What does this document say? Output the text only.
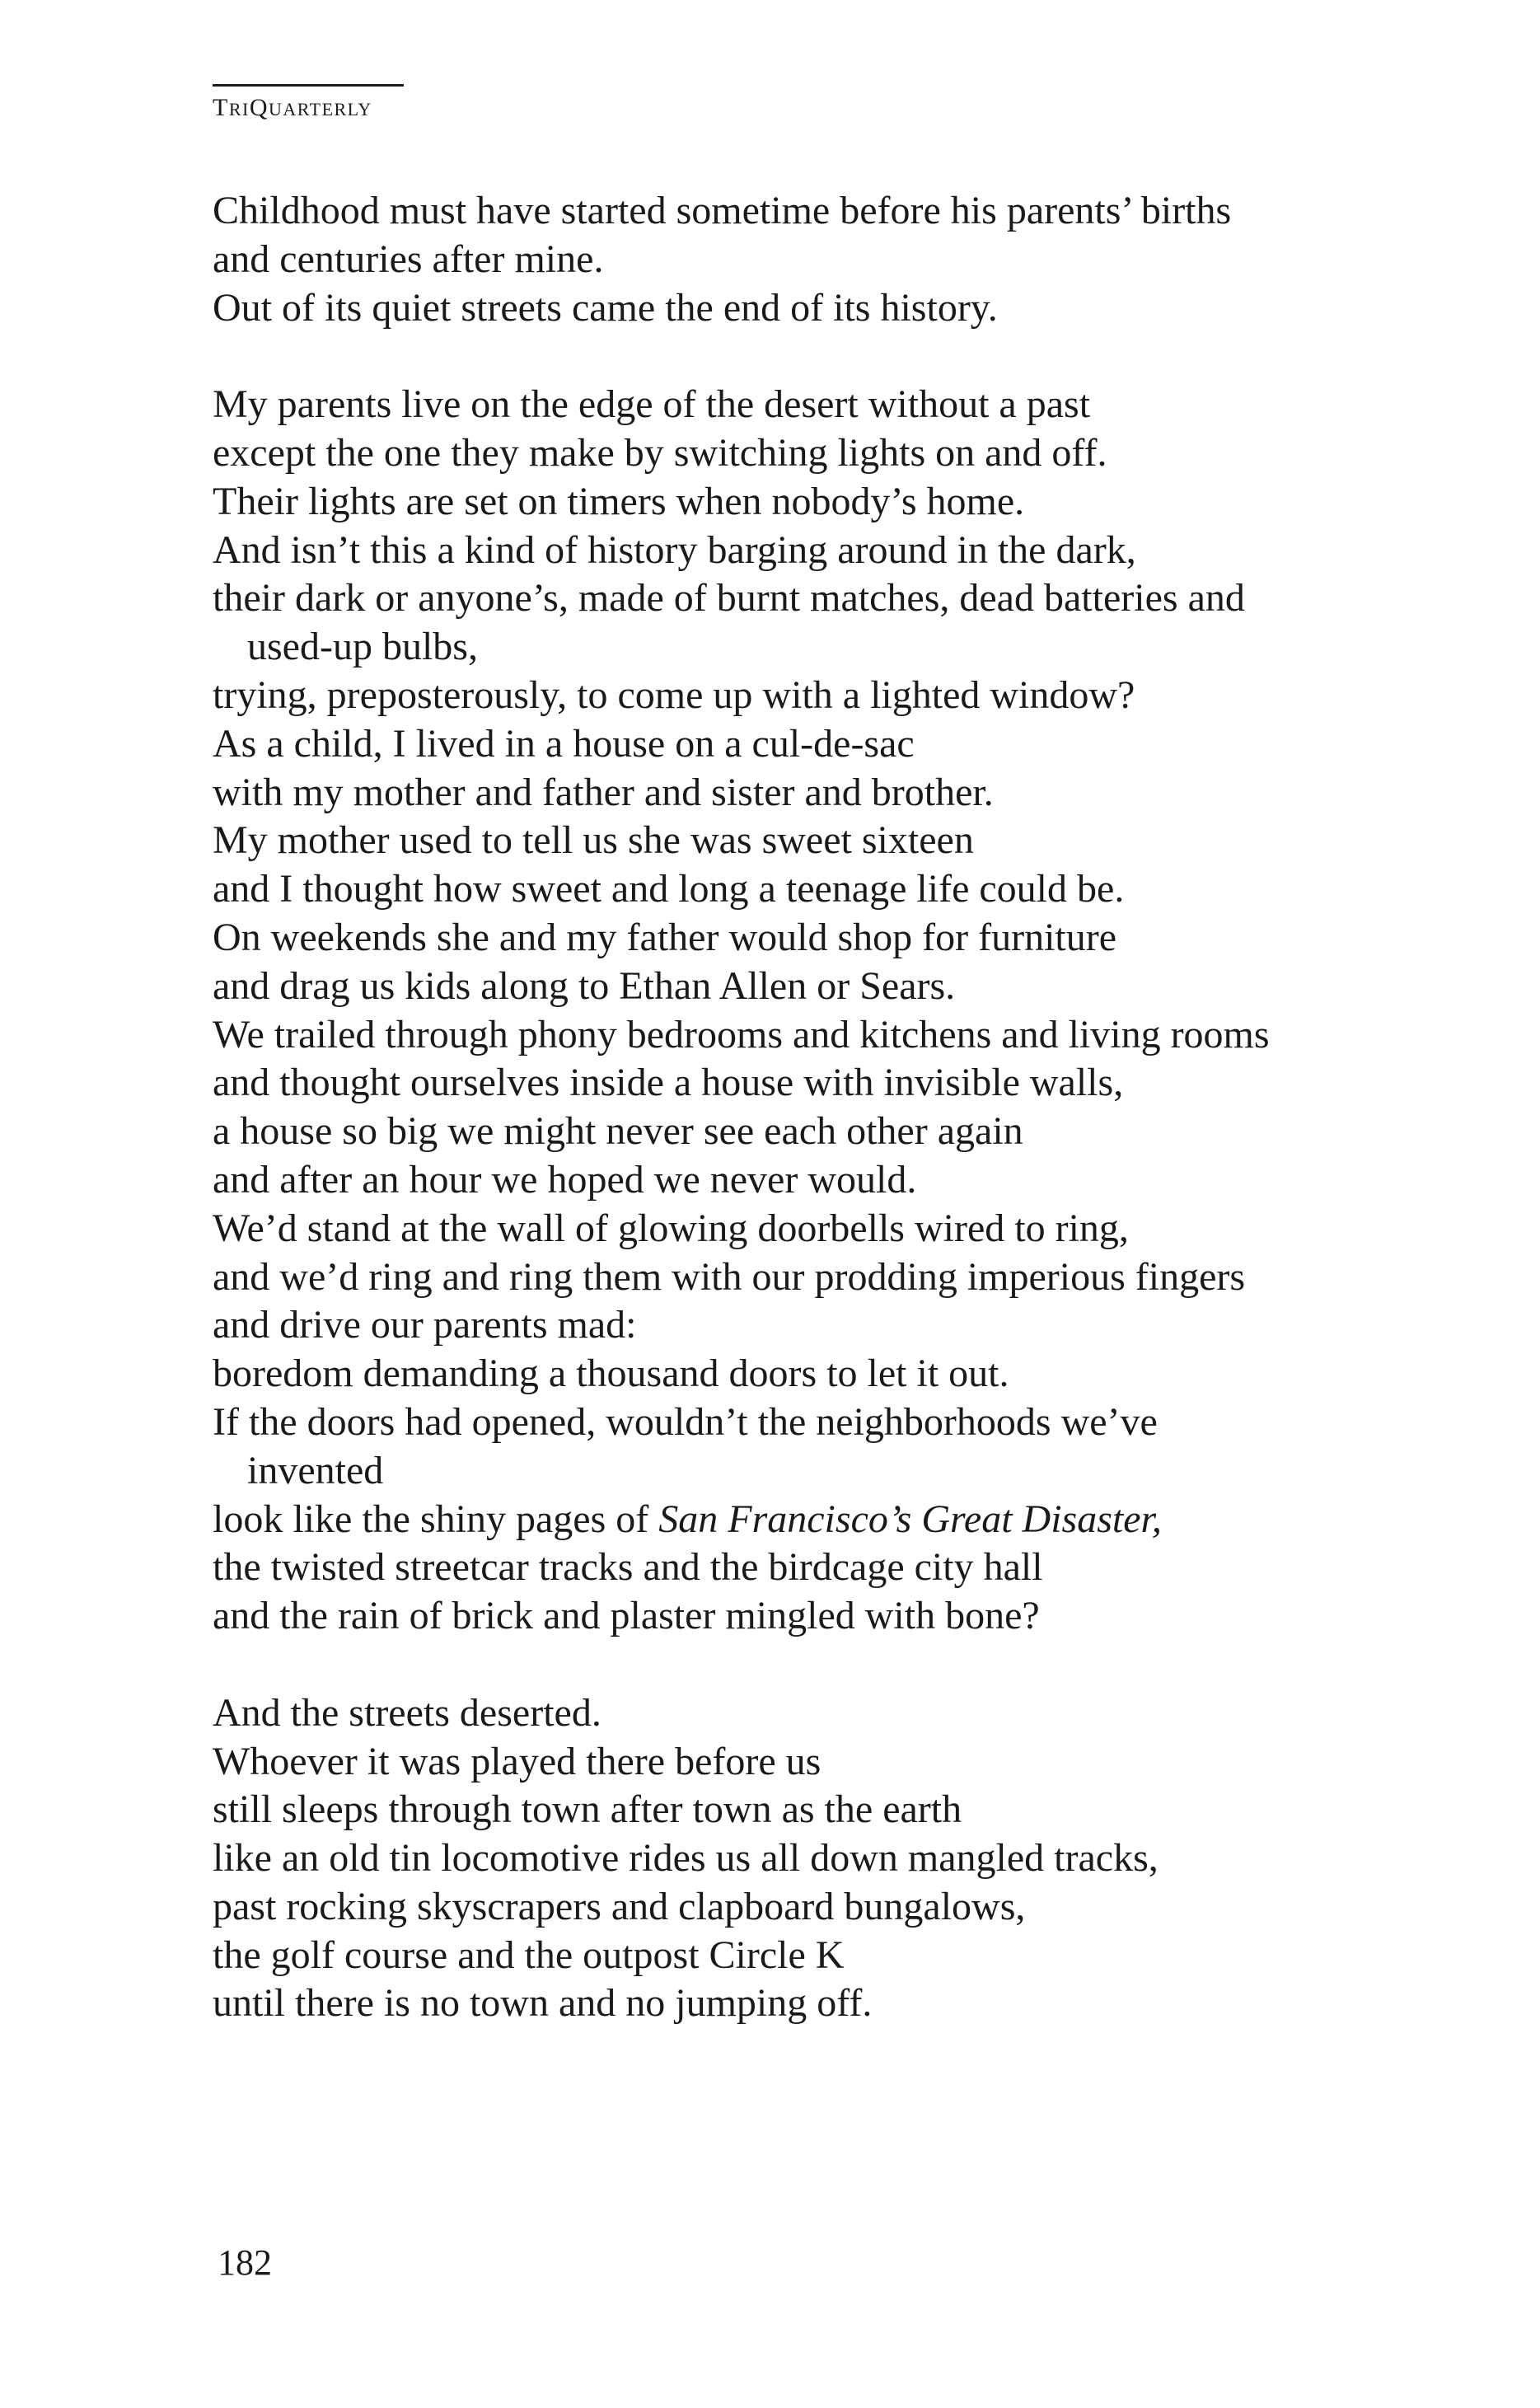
TRIQUARTERLY
Childhood must have started sometime before his parents’ births
and centuries after mine.
Out of its quiet streets came the end of its history.
My parents live on the edge of the desert without a past
except the one they make by switching lights on and off.
Their lights are set on timers when nobody’s home.
And isn’t this a kind of history barging around in the dark,
their dark or anyone’s, made of burnt matches, dead batteries and
used-up bulbs,
trying, preposterously, to come up with a lighted window?
As a child, I lived in a house on a cul-de-sac
with my mother and father and sister and brother.
My mother used to tell us she was sweet sixteen
and I thought how sweet and long a teenage life could be.
On weekends she and my father would shop for furniture
and drag us kids along to Ethan Allen or Sears.
We trailed through phony bedrooms and kitchens and living rooms
and thought ourselves inside a house with invisible walls,
a house so big we might never see each other again
and after an hour we hoped we never would.
We’d stand at the wall of glowing doorbells wired to ring,
and we’d ring and ring them with our prodding imperious fingers
and drive our parents mad:
boredom demanding a thousand doors to let it out.
If the doors had opened, wouldn’t the neighborhoods we’ve
invented
look like the shiny pages of San Francisco’s Great Disaster,
the twisted streetcar tracks and the birdcage city hall
and the rain of brick and plaster mingled with bone?
And the streets deserted.
Whoever it was played there before us
still sleeps through town after town as the earth
like an old tin locomotive rides us all down mangled tracks,
past rocking skyscrapers and clapboard bungalows,
the golf course and the outpost Circle K
until there is no town and no jumping off.
182
